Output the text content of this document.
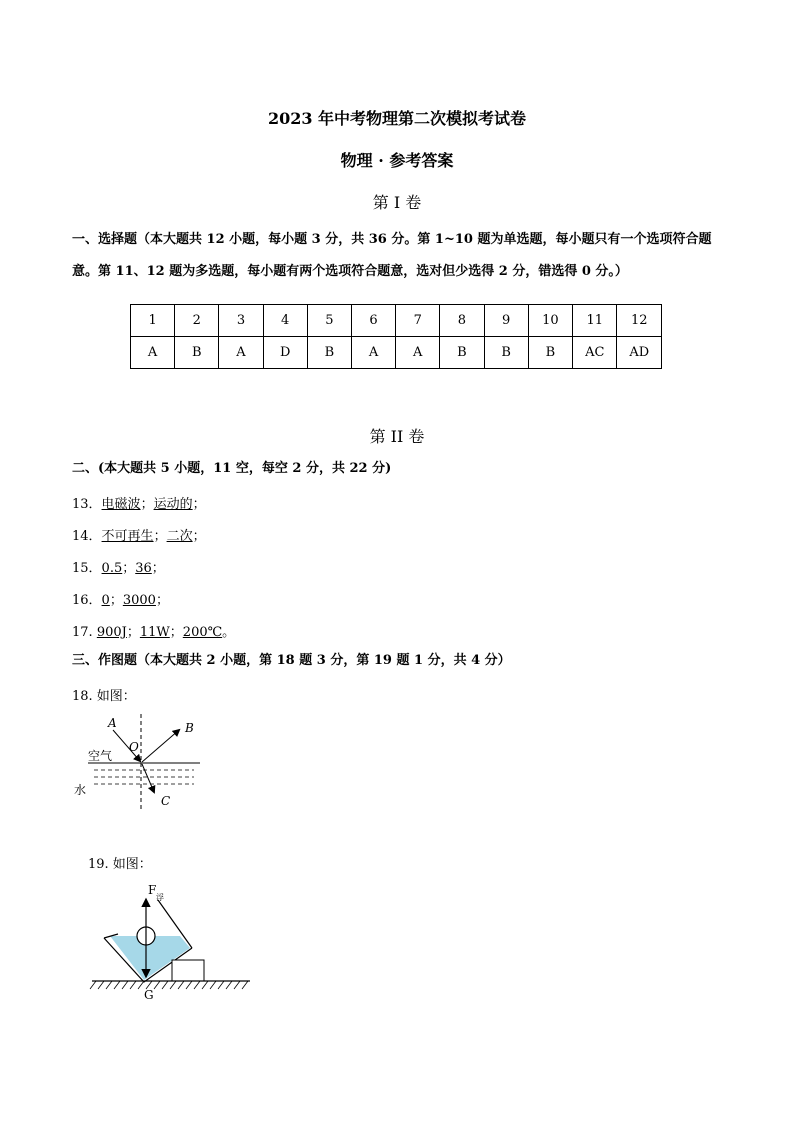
2023 年中考物理第二次模拟考试卷
物理 · 参考答案
第 I 卷
一、选择题（本大题共 12 小题，每小题 3 分，共 36 分。第 1~10 题为单选题，每小题只有一个选项符合题意。第 11、12 题为多选题，每小题有两个选项符合题意，选对但少选得 2 分，错选得 0 分。）
1	2	3	4	5	6	7	8	9	10	11	12
A	B	A	D	B	A	A	B	B	B	AC	AD
第 II 卷
二、(本大题共 5 小题，11 空，每空 2 分，共 22 分)
13．电磁波；运动的；
14．不可再生；二次；
15．0.5；36；
16．0；3000；
17. 900J；11W；200℃。
三、作图题（本大题共 2 小题，第 18 题 3 分，第 19 题 1 分，共 4 分）
18. 如图：
A	B
O
C
空气
水
19. 如图：
F
浮
G
